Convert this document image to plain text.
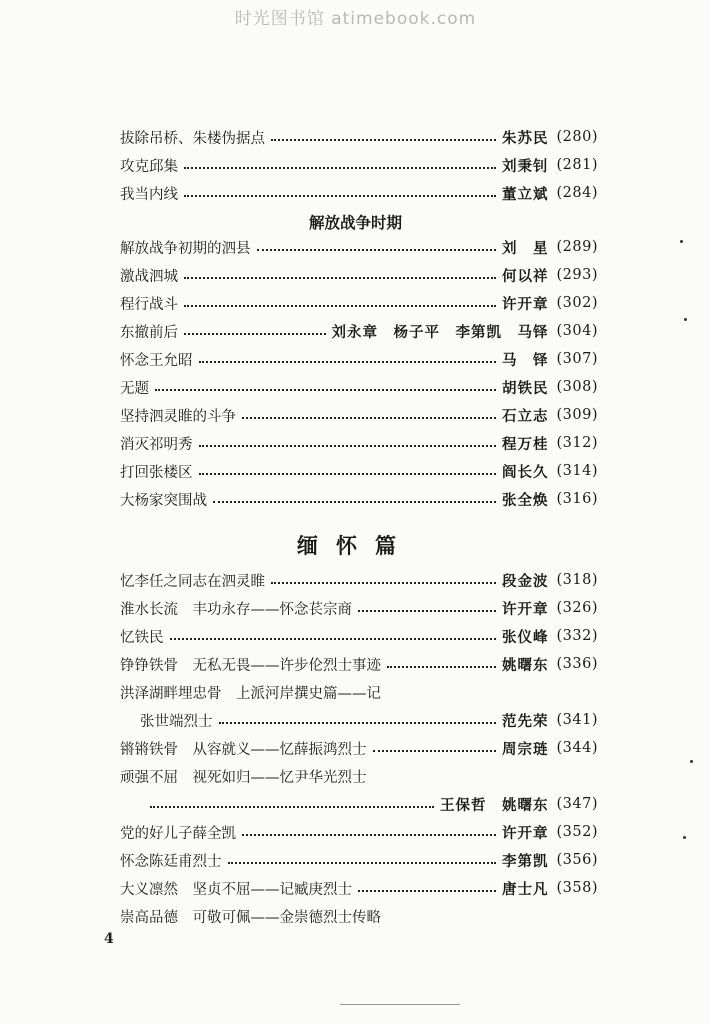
时光图书馆 atimebook.com
拔除吊桥、朱楼伪据点	朱苏民 (280)
攻克邱集	刘秉钊 (281)
我当内线	董立斌 (284)
解放战争时期
解放战争初期的泗县	刘　星 (289)
激战泗城	何以祥 (293)
程行战斗	许开章 (302)
东撤前后	刘永章　杨子平　李第凯　马铎 (304)
怀念王允昭	马　铎 (307)
无题	胡铁民 (308)
坚持泗灵睢的斗争	石立志 (309)
消灭祁明秀	程万桂 (312)
打回张楼区	阎长久 (314)
大杨家突围战	张全焕 (316)
缅怀篇
忆李任之同志在泗灵睢	段金波 (318)
淮水长流　丰功永存——怀念苌宗商	许开章 (326)
忆铁民	张仪峰 (332)
铮铮铁骨　无私无畏——许步伦烈士事迹	姚曙东 (336)
洪泽湖畔埋忠骨　上派河岸撰史篇——记
张世端烈士	范先荣 (341)
锵锵铁骨　从容就义——忆薛振鸿烈士	周宗琏 (344)
顽强不屈　视死如归——忆尹华光烈士
王保哲　姚曙东 (347)
党的好儿子薛全凯	许开章 (352)
怀念陈廷甫烈士	李第凯 (356)
大义凛然　坚贞不屈——记臧庚烈士	唐士凡 (358)
崇高品德　可敬可佩——金崇德烈士传略
4
